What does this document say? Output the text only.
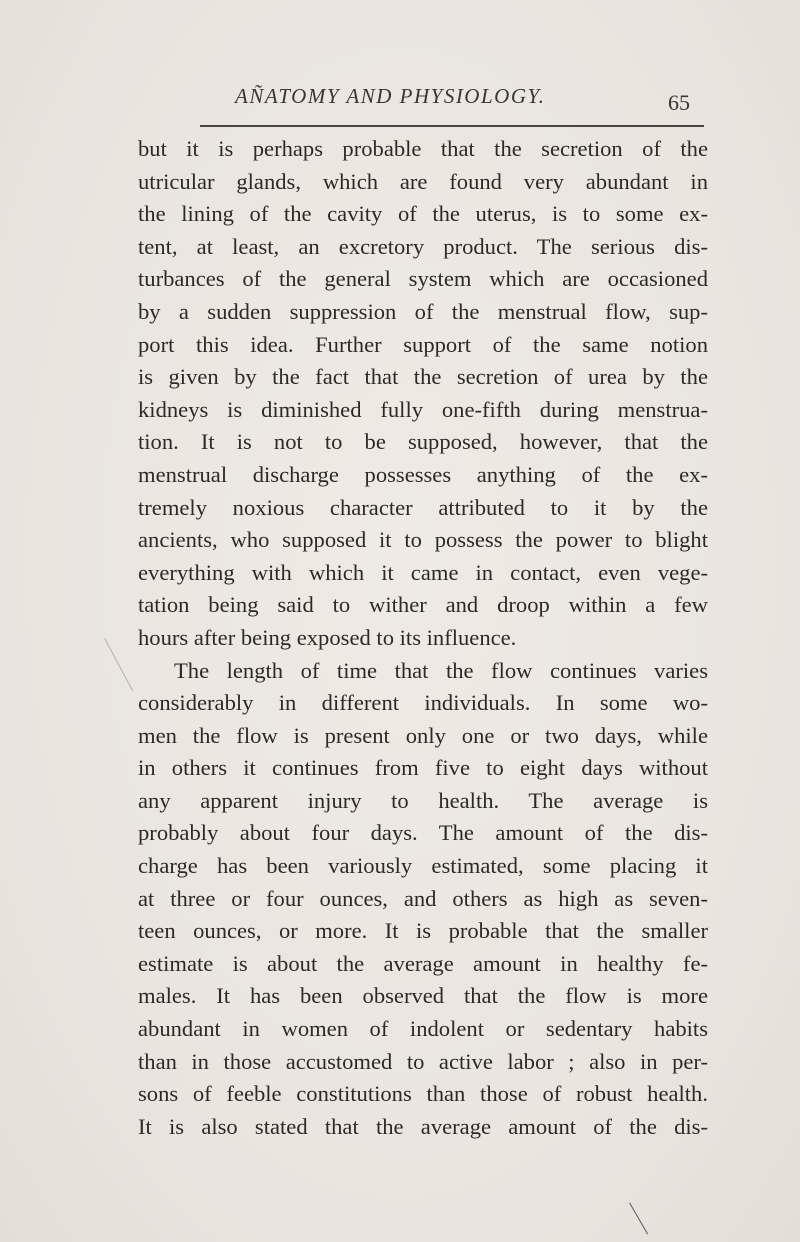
AÑATOMY AND PHYSIOLOGY.	65
but it is perhaps probable that the secretion of the
utricular glands, which are found very abundant in
the lining of the cavity of the uterus, is to some ex-
tent, at least, an excretory product. The serious dis-
turbances of the general system which are occasioned
by a sudden suppression of the menstrual flow, sup-
port this idea. Further support of the same notion
is given by the fact that the secretion of urea by the
kidneys is diminished fully one-fifth during menstrua-
tion. It is not to be supposed, however, that the
menstrual discharge possesses anything of the ex-
tremely noxious character attributed to it by the
ancients, who supposed it to possess the power to blight
everything with which it came in contact, even vege-
tation being said to wither and droop within a few
hours after being exposed to its influence.
The length of time that the flow continues varies
considerably in different individuals. In some wo-
men the flow is present only one or two days, while
in others it continues from five to eight days without
any apparent injury to health. The average is
probably about four days. The amount of the dis-
charge has been variously estimated, some placing it
at three or four ounces, and others as high as seven-
teen ounces, or more. It is probable that the smaller
estimate is about the average amount in healthy fe-
males. It has been observed that the flow is more
abundant in women of indolent or sedentary habits
than in those accustomed to active labor ; also in per-
sons of feeble constitutions than those of robust health.
It is also stated that the average amount of the dis-
